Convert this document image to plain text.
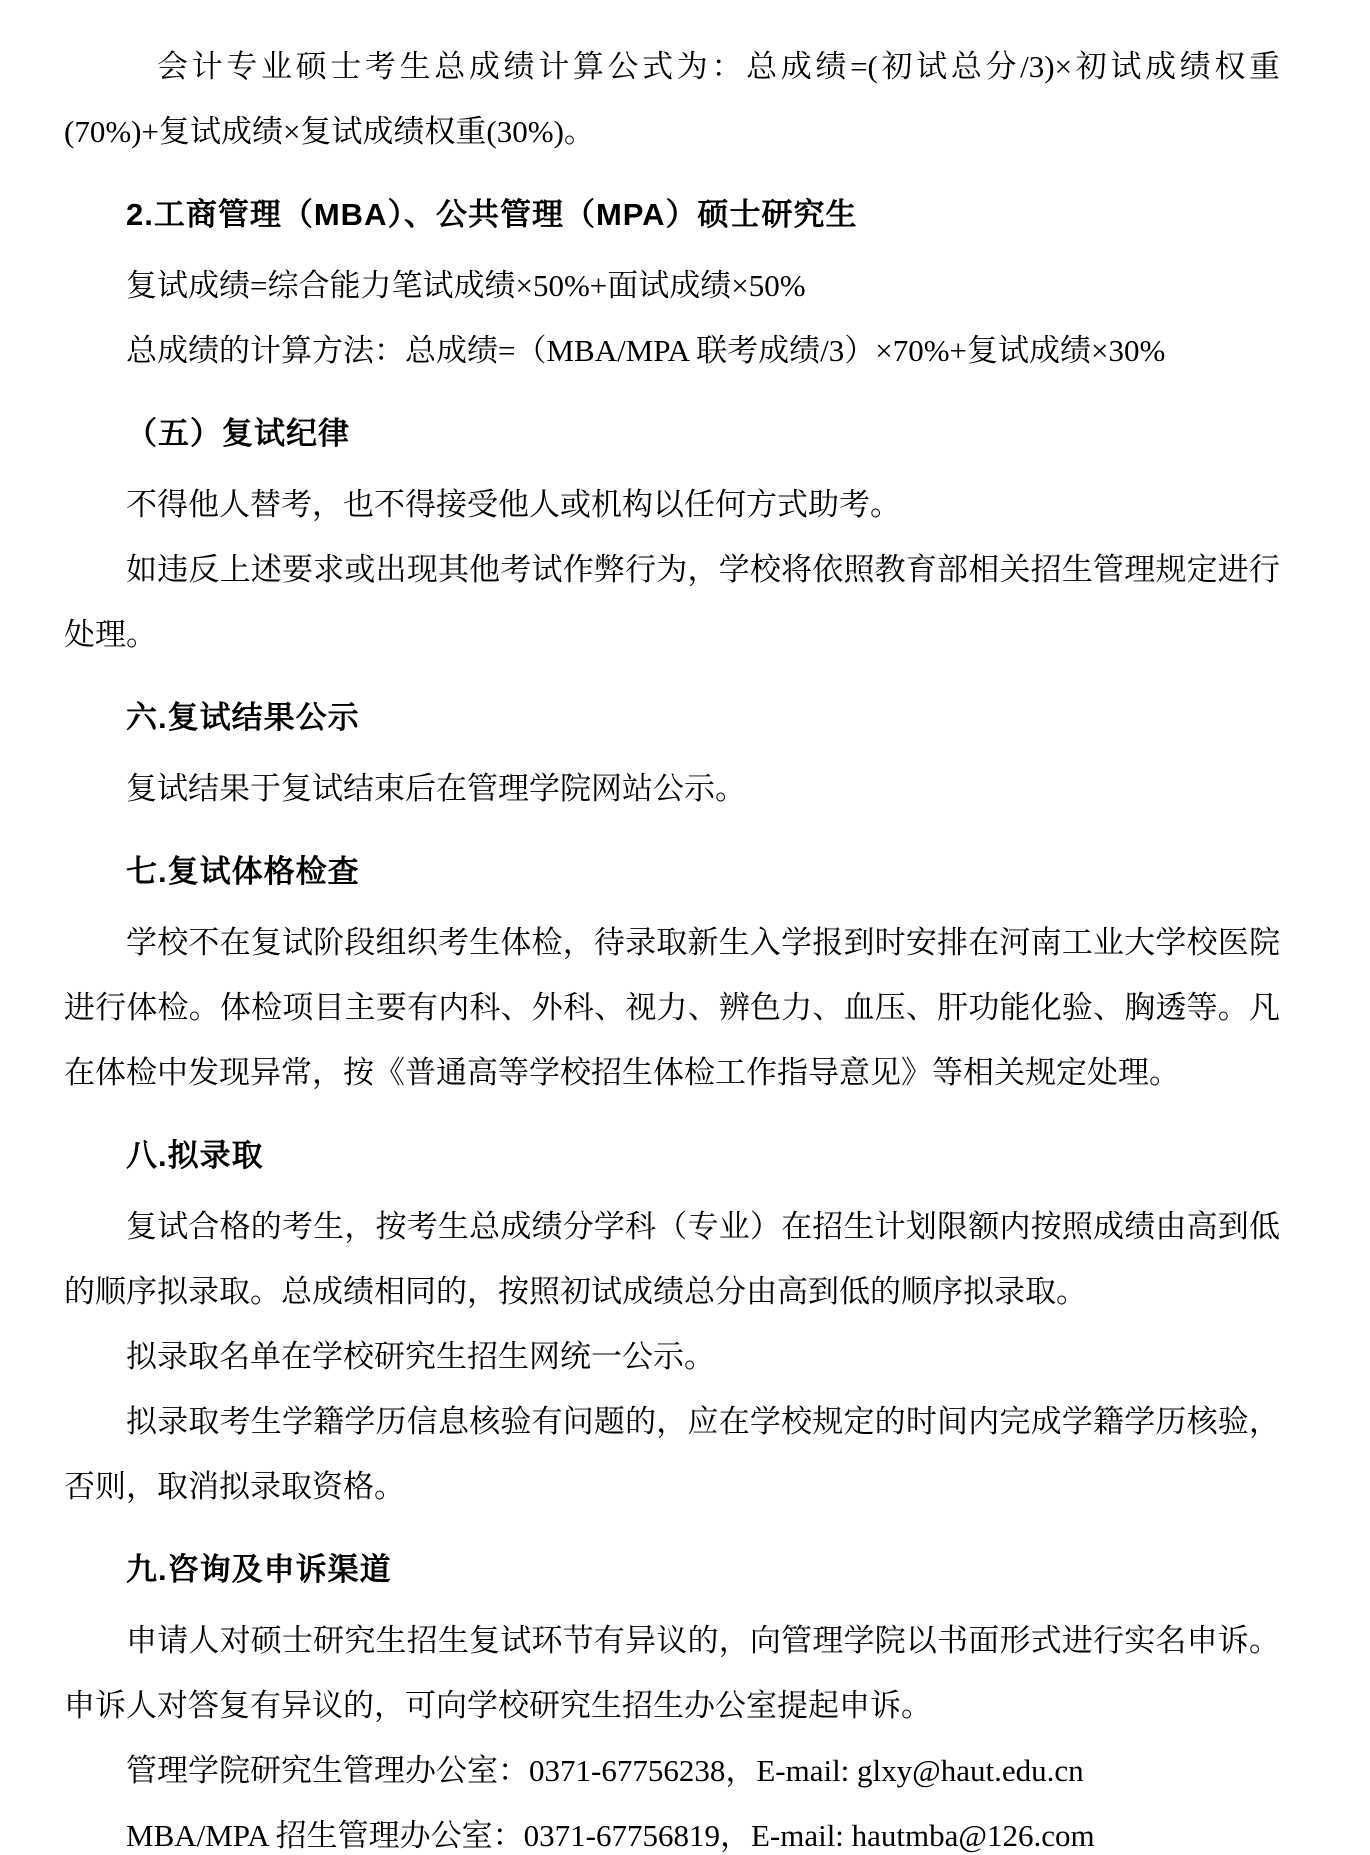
会计专业硕士考生总成绩计算公式为：总成绩=(初试总分/3)×初试成绩权重(70%)+复试成绩×复试成绩权重(30%)。

2.工商管理（MBA）、公共管理（MPA）硕士研究生

复试成绩=综合能力笔试成绩×50%+面试成绩×50%

总成绩的计算方法：总成绩=（MBA/MPA 联考成绩/3）×70%+复试成绩×30%

（五）复试纪律

不得他人替考，也不得接受他人或机构以任何方式助考。

如违反上述要求或出现其他考试作弊行为，学校将依照教育部相关招生管理规定进行处理。

六.复试结果公示

复试结果于复试结束后在管理学院网站公示。

七.复试体格检查

学校不在复试阶段组织考生体检，待录取新生入学报到时安排在河南工业大学校医院进行体检。体检项目主要有内科、外科、视力、辨色力、血压、肝功能化验、胸透等。凡在体检中发现异常，按《普通高等学校招生体检工作指导意见》等相关规定处理。

八.拟录取

复试合格的考生，按考生总成绩分学科（专业）在招生计划限额内按照成绩由高到低的顺序拟录取。总成绩相同的，按照初试成绩总分由高到低的顺序拟录取。

拟录取名单在学校研究生招生网统一公示。

拟录取考生学籍学历信息核验有问题的，应在学校规定的时间内完成学籍学历核验，否则，取消拟录取资格。

九.咨询及申诉渠道

申请人对硕士研究生招生复试环节有异议的，向管理学院以书面形式进行实名申诉。申诉人对答复有异议的，可向学校研究生招生办公室提起申诉。

管理学院研究生管理办公室：0371-67756238，E-mail: glxy@haut.edu.cn

MBA/MPA 招生管理办公室：0371-67756819，E-mail: hautmba@126.com
